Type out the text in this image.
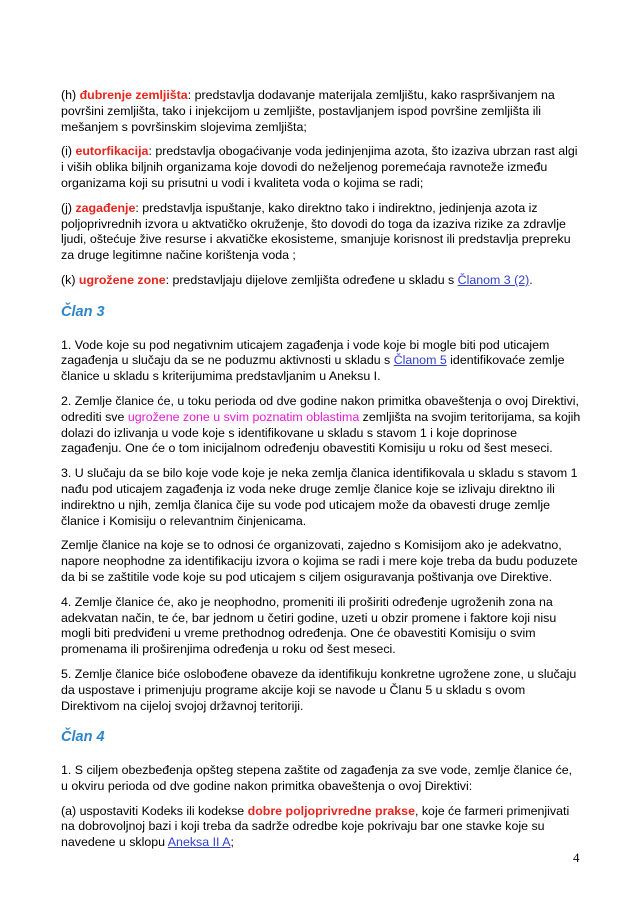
(h) đubrenje zemljišta: predstavlja dodavanje materijala zemljištu, kako raspršivanjem na površini zemljišta, tako i injekcijom u zemljište, postavljanjem ispod površine zemljišta ili mešanjem s površinskim slojevima zemljišta;

(i) eutorfikacija: predstavlja obogaćivanje voda jedinjenjima azota, što izaziva ubrzan rast algi i viših oblika biljnih organizama koje dovodi do neželjenog poremećaja ravnoteže između organizama koji su prisutni u vodi i kvaliteta voda o kojima se radi;

(j) zagađenje: predstavlja ispuštanje, kako direktno tako i indirektno, jedinjenja azota iz poljoprivrednih izvora u aktvatičko okruženje, što dovodi do toga da izaziva rizike za zdravlje ljudi, oštećuje žive resurse i akvatičke ekosisteme, smanjuje korisnost ili predstavlja prepreku za druge legitimne načine korištenja voda ;

(k) ugrožene zone: predstavljaju dijelove zemljišta određene u skladu s Članom 3 (2).

Član 3

1. Vode koje su pod negativnim uticajem zagađenja i vode koje bi mogle biti pod uticajem zagađenja u slučaju da se ne poduzmu aktivnosti u skladu s Članom 5 identifikovaće zemlje članice u skladu s kriterijumima predstavljanim u Aneksu I.

2. Zemlje članice će, u toku perioda od dve godine nakon primitka obaveštenja o ovoj Direktivi, odrediti sve ugrožene zone u svim poznatim oblastima zemljišta na svojim teritorijama, sa kojih dolazi do izlivanja u vode koje s identifikovane u skladu s stavom 1 i koje doprinose zagađenju. One će o tom inicijalnom određenju obavestiti Komisiju u roku od šest meseci.

3. U slučaju da se bilo koje vode koje je neka zemlja članica identifikovala u skladu s stavom 1 nađu pod uticajem zagađenja iz voda neke druge zemlje članice koje se izlivaju direktno ili indirektno u njih, zemlja članica čije su vode pod uticajem može da obavesti druge zemlje članice i Komisiju o relevantnim činjenicama.

Zemlje članice na koje se to odnosi će organizovati, zajedno s Komisijom ako je adekvatno, napore neophodne za identifikaciju izvora o kojima se radi i mere koje treba da budu poduzete da bi se zaštitile vode koje su pod uticajem s ciljem osiguravanja poštivanja ove Direktive.

4. Zemlje članice će, ako je neophodno, promeniti ili proširiti određenje ugroženih zona na adekvatan način, te će, bar jednom u četiri godine, uzeti u obzir promene i faktore koji nisu mogli biti predviđeni u vreme prethodnog određenja. One će obavestiti Komisiju o svim promenama ili proširenjima određenja u roku od šest meseci.

5. Zemlje članice biće oslobođene obaveze da identifikuju konkretne ugrožene zone, u slučaju da uspostave i primenjuju programe akcije koji se navode u Članu 5 u skladu s ovom Direktivom na cijeloj svojoj državnoj teritoriji.

Član 4

1. S ciljem obezbeđenja opšteg stepena zaštite od zagađenja za sve vode, zemlje članice će, u okviru perioda od dve godine nakon primitka obaveštenja o ovoj Direktivi:

(a) uspostaviti Kodeks ili kodekse dobre poljoprivredne prakse, koje će farmeri primenjivati na dobrovoljnoj bazi i koji treba da sadrže odredbe koje pokrivaju bar one stavke koje su navedene u sklopu Aneksa II A;

4
